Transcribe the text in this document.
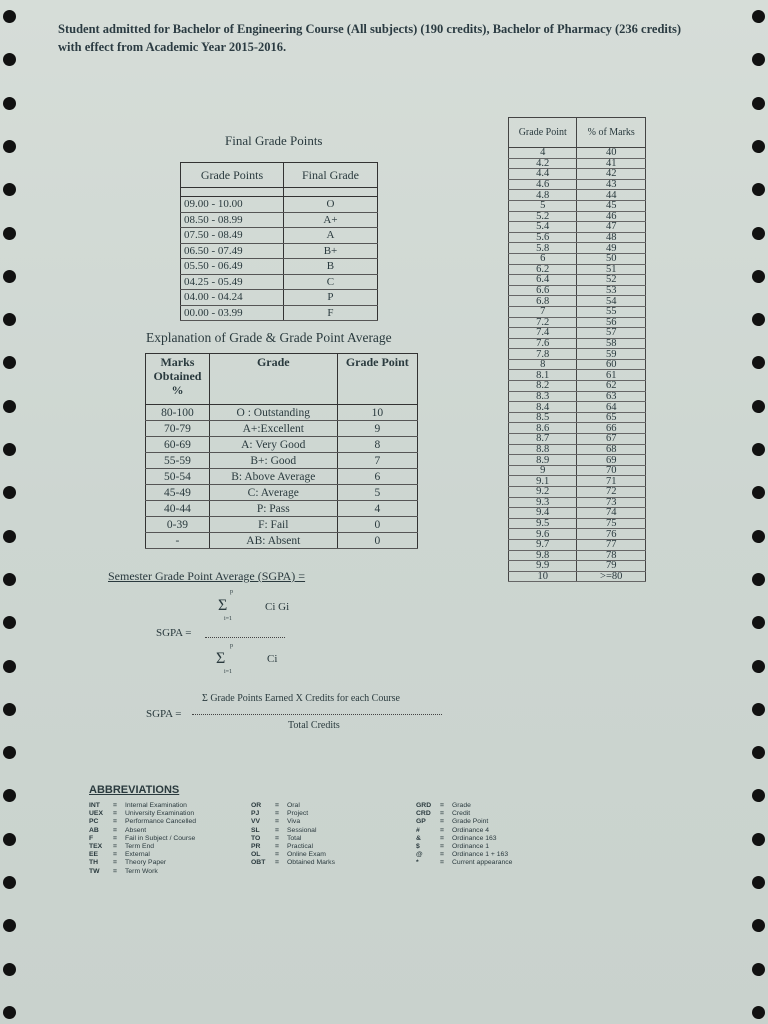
Student admitted for Bachelor of Engineering Course (All subjects) (190 credits), Bachelor of Pharmacy (236 credits) with effect from Academic Year 2015-2016.
Final Grade Points
Grade Points	Final Grade

09.00 - 10.00	O
08.50 - 08.99	A+
07.50 - 08.49	A
06.50 - 07.49	B+
05.50 - 06.49	B
04.25 - 05.49	C
04.00 - 04.24	P
00.00 - 03.99	F
Explanation of Grade & Grade Point Average
Marks Obtained %	Grade	Grade Point
80-100	O : Outstanding	10
70-79	A+:Excellent	9
60-69	A: Very Good	8
55-59	B+: Good	7
50-54	B: Above Average	6
45-49	C: Average	5
40-44	P: Pass	4
0-39	F: Fail	0
-	AB: Absent	0
Semester Grade Point Average (SGPA) =
p
Σ
i=1
Ci Gi
SGPA =
p
Σ
i=1
Ci
Σ Grade Points Earned X Credits for each Course
SGPA =
Total Credits
Grade Point	% of Marks
4	40
4.2	41
4.4	42
4.6	43
4.8	44
5	45
5.2	46
5.4	47
5.6	48
5.8	49
6	50
6.2	51
6.4	52
6.6	53
6.8	54
7	55
7.2	56
7.4	57
7.6	58
7.8	59
8	60
8.1	61
8.2	62
8.3	63
8.4	64
8.5	65
8.6	66
8.7	67
8.8	68
8.9	69
9	70
9.1	71
9.2	72
9.3	73
9.4	74
9.5	75
9.6	76
9.7	77
9.8	78
9.9	79
10	>=80
ABBREVIATIONS
INT	=	Internal Examination
UEX	=	University Examination
PC	=	Performance Cancelled
AB	=	Absent
F	=	Fail in Subject / Course
TEX	=	Term End
EE	=	External
TH	=	Theory Paper
TW	=	Term Work
OR	=	Oral
PJ	=	Project
VV	=	Viva
SL	=	Sessional
TO	=	Total
PR	=	Practical
OL	=	Online Exam
OBT	=	Obtained Marks
GRD	=	Grade
CRD	=	Credit
GP	=	Grade Point
#	=	Ordinance 4
&	=	Ordinance 163
$	=	Ordinance 1
@	=	Ordinance 1 + 163
*	=	Current appearance
